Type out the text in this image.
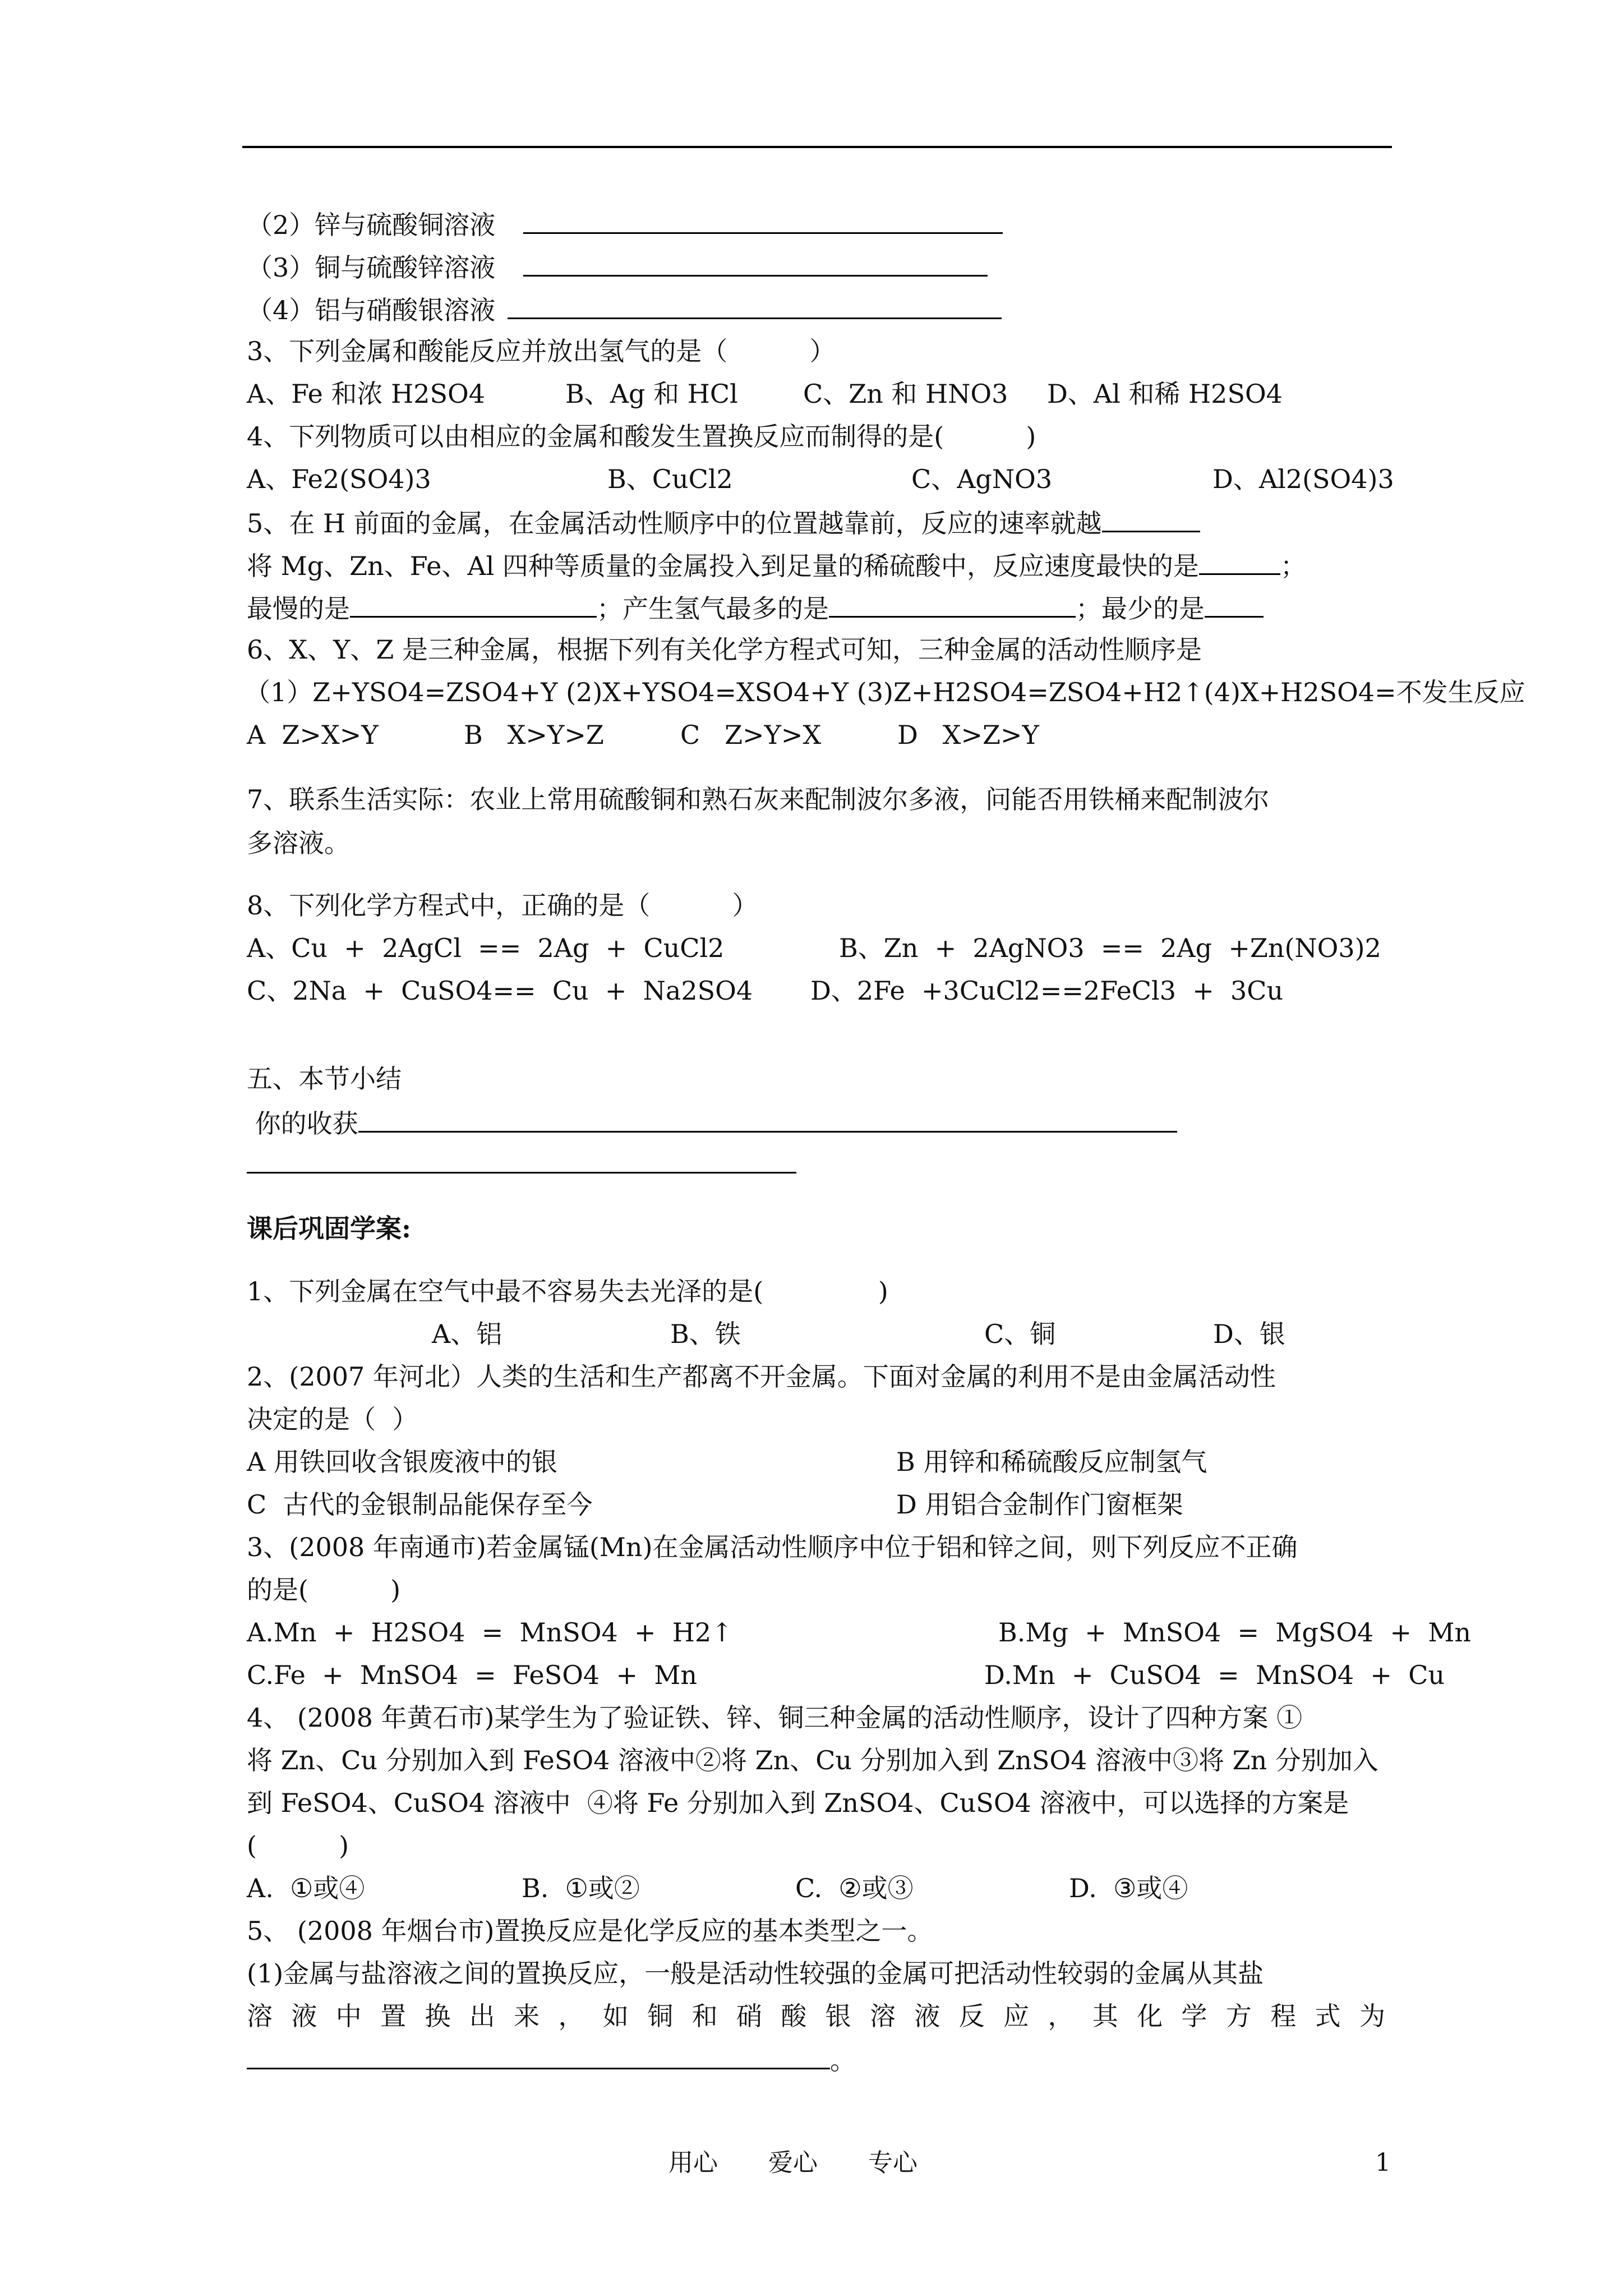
（2）锌与硫酸铜溶液
（3）铜与硫酸锌溶液
（4）铝与硝酸银溶液
3、下列金属和酸能反应并放出氢气的是（          ）
A、Fe 和浓 H2SO4	B、Ag 和 HCl	C、Zn 和 HNO3 D、Al 和稀 H2SO4
4、下列物质可以由相应的金属和酸发生置换反应而制得的是(          )
A、Fe2(SO4)3	B、CuCl2	C、AgNO3	D、Al2(SO4)3
5、在 H 前面的金属，在金属活动性顺序中的位置越靠前，反应的速率就越
将 Mg、Zn、Fe、Al 四种等质量的金属投入到足量的稀硫酸中，反应速度最快的是	；
最慢的是	；产生氢气最多的是	；最少的是
6、X、Y、Z 是三种金属，根据下列有关化学方程式可知，三种金属的活动性顺序是
（1）Z+YSO4=ZSO4+Y (2)X+YSO4=XSO4+Y (3)Z+H2SO4=ZSO4+H2↑(4)X+H2SO4=不发生反应
A  Z>X>Y	B   X>Y>Z	C   Z>Y>X	D   X>Z>Y
7、联系生活实际：农业上常用硫酸铜和熟石灰来配制波尔多液，问能否用铁桶来配制波尔
多溶液。
8、下列化学方程式中，正确的是（          ）
A、Cu  +  2AgCl  ==  2Ag  +  CuCl2	B、Zn  +  2AgNO3  ==  2Ag  +Zn(NO3)2
C、2Na  +  CuSO4==  Cu  +  Na2SO4 D、2Fe  +3CuCl2==2FeCl3  +  3Cu
五、本节小结
你的收获
课后巩固学案:
1、下列金属在空气中最不容易失去光泽的是(              )
A、铝	B、铁	C、铜	D、银
2、(2007 年河北）人类的生活和生产都离不开金属。下面对金属的利用不是由金属活动性
决定的是（  ）
A 用铁回收含银废液中的银	B 用锌和稀硫酸反应制氢气
C  古代的金银制品能保存至今	D 用铝合金制作门窗框架
3、(2008 年南通市)若金属锰(Mn)在金属活动性顺序中位于铝和锌之间，则下列反应不正确
的是(          )
A.Mn  +  H2SO4  =  MnSO4  +  H2↑	B.Mg  +  MnSO4  =  MgSO4  +  Mn
C.Fe  +  MnSO4  =  FeSO4  +  Mn	D.Mn  +  CuSO4  =  MnSO4  +  Cu
4、 (2008 年黄石市)某学生为了验证铁、锌、铜三种金属的活动性顺序，设计了四种方案 ①
将 Zn、Cu 分别加入到 FeSO4 溶液中②将 Zn、Cu 分别加入到 ZnSO4 溶液中③将 Zn 分别加入
到 FeSO4、CuSO4 溶液中  ④将 Fe 分别加入到 ZnSO4、CuSO4 溶液中，可以选择的方案是
(          )
A.  ①或④	B.  ①或②	C.  ②或③	D.  ③或④
5、 (2008 年烟台市)置换反应是化学反应的基本类型之一。
(1)金属与盐溶液之间的置换反应，一般是活动性较强的金属可把活动性较弱的金属从其盐
溶 液 中 置 换 出 来 ， 如 铜 和 硝 酸 银 溶 液 反 应 ， 其 化 学 方 程 式 为
。
用心 爱心 专心	1
